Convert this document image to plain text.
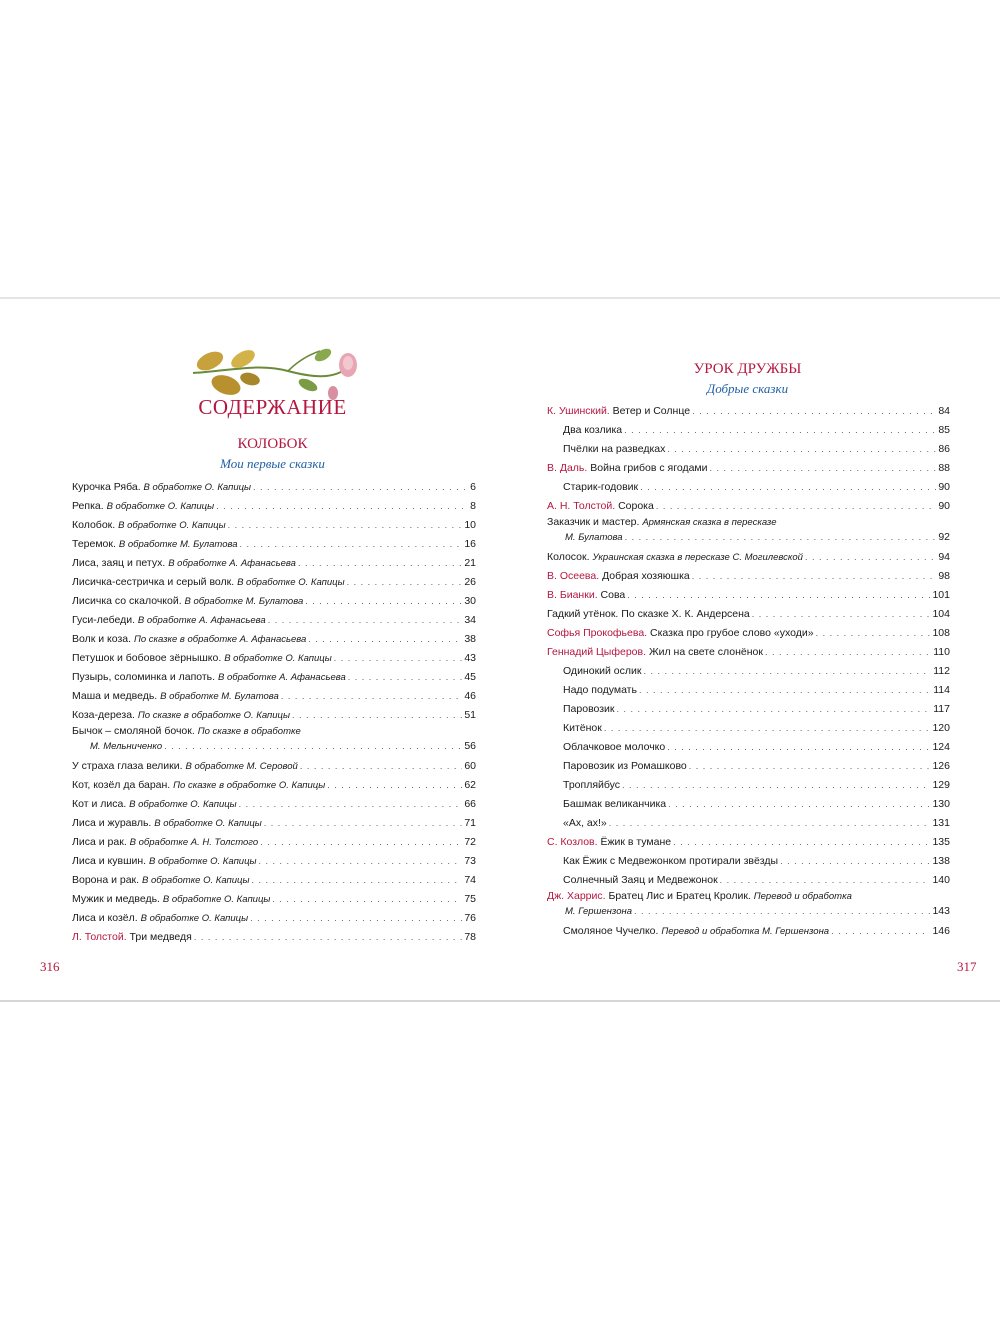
СОДЕРЖАНИЕ
КОЛОБОК
Мои первые сказки
Курочка Ряба. В обработке О. Капицы . . .	6
Репка. В обработке О. Капицы . . .	8
Колобок. В обработке О. Капицы . . .	10
Теремок. В обработке М. Булатова . . .	16
Лиса, заяц и петух. В обработке А. Афанасьева . . .	21
Лисичка-сестричка и серый волк. В обработке О. Капицы . . .	26
Лисичка со скалочкой. В обработке М. Булатова . . .	30
Гуси-лебеди. В обработке А. Афанасьева . . .	34
Волк и коза. По сказке в обработке А. Афанасьева . . .	38
Петушок и бобовое зёрнышко. В обработке О. Капицы . . .	43
Пузырь, соломинка и лапоть. В обработке А. Афанасьева . . .	45
Маша и медведь. В обработке М. Булатова . . .	46
Коза-дереза. По сказке в обработке О. Капицы . . .	51
Бычок – смоляной бочок. По сказке в обработке
М. Мельниченко . . .	56
У страха глаза велики. В обработке М. Серовой . . .	60
Кот, козёл да баран. По сказке в обработке О. Капицы . . .	62
Кот и лиса. В обработке О. Капицы . . .	66
Лиса и журавль. В обработке О. Капицы . . .	71
Лиса и рак. В обработке А. Н. Толстого . . .	72
Лиса и кувшин. В обработке О. Капицы . . .	73
Ворона и рак. В обработке О. Капицы . . .	74
Мужик и медведь. В обработке О. Капицы . . .	75
Лиса и козёл. В обработке О. Капицы . . .	76
Л. Толстой. Три медведя . . .	78
316
УРОК ДРУЖБЫ
Добрые сказки
К. Ушинский. Ветер и Солнце . . .	84
Два козлика . . .	85
Пчёлки на разведках . . .	86
В. Даль. Война грибов с ягодами . . .	88
Старик-годовик . . .	90
А. Н. Толстой. Сорока . . .	90
Заказчик и мастер. Армянская сказка в пересказе
М. Булатова . . .	92
Колосок. Украинская сказка в пересказе С. Могилевской . . .	94
В. Осеева. Добрая хозяюшка . . .	98
В. Бианки. Сова . . .	101
Гадкий утёнок. По сказке Х. К. Андерсена . . .	104
Софья Прокофьева. Сказка про грубое слово «уходи» . . .	108
Геннадий Цыферов. Жил на свете слонёнок . . .	110
Одинокий ослик . . .	112
Надо подумать . . .	114
Паровозик . . .	117
Китёнок . . .	120
Облачковое молочко . . .	124
Паровозик из Ромашково . . .	126
Тропляйбус . . .	129
Башмак великанчика . . .	130
«Ах, ах!» . . .	131
С. Козлов. Ёжик в тумане . . .	135
Как Ёжик с Медвежонком протирали звёзды . . .	138
Солнечный Заяц и Медвежонок . . .	140
Дж. Харрис. Братец Лис и Братец Кролик. Перевод и обработка
М. Гершензона . . .	143
Смоляное Чучелко. Перевод и обработка М. Гершензона . . .	146
317
